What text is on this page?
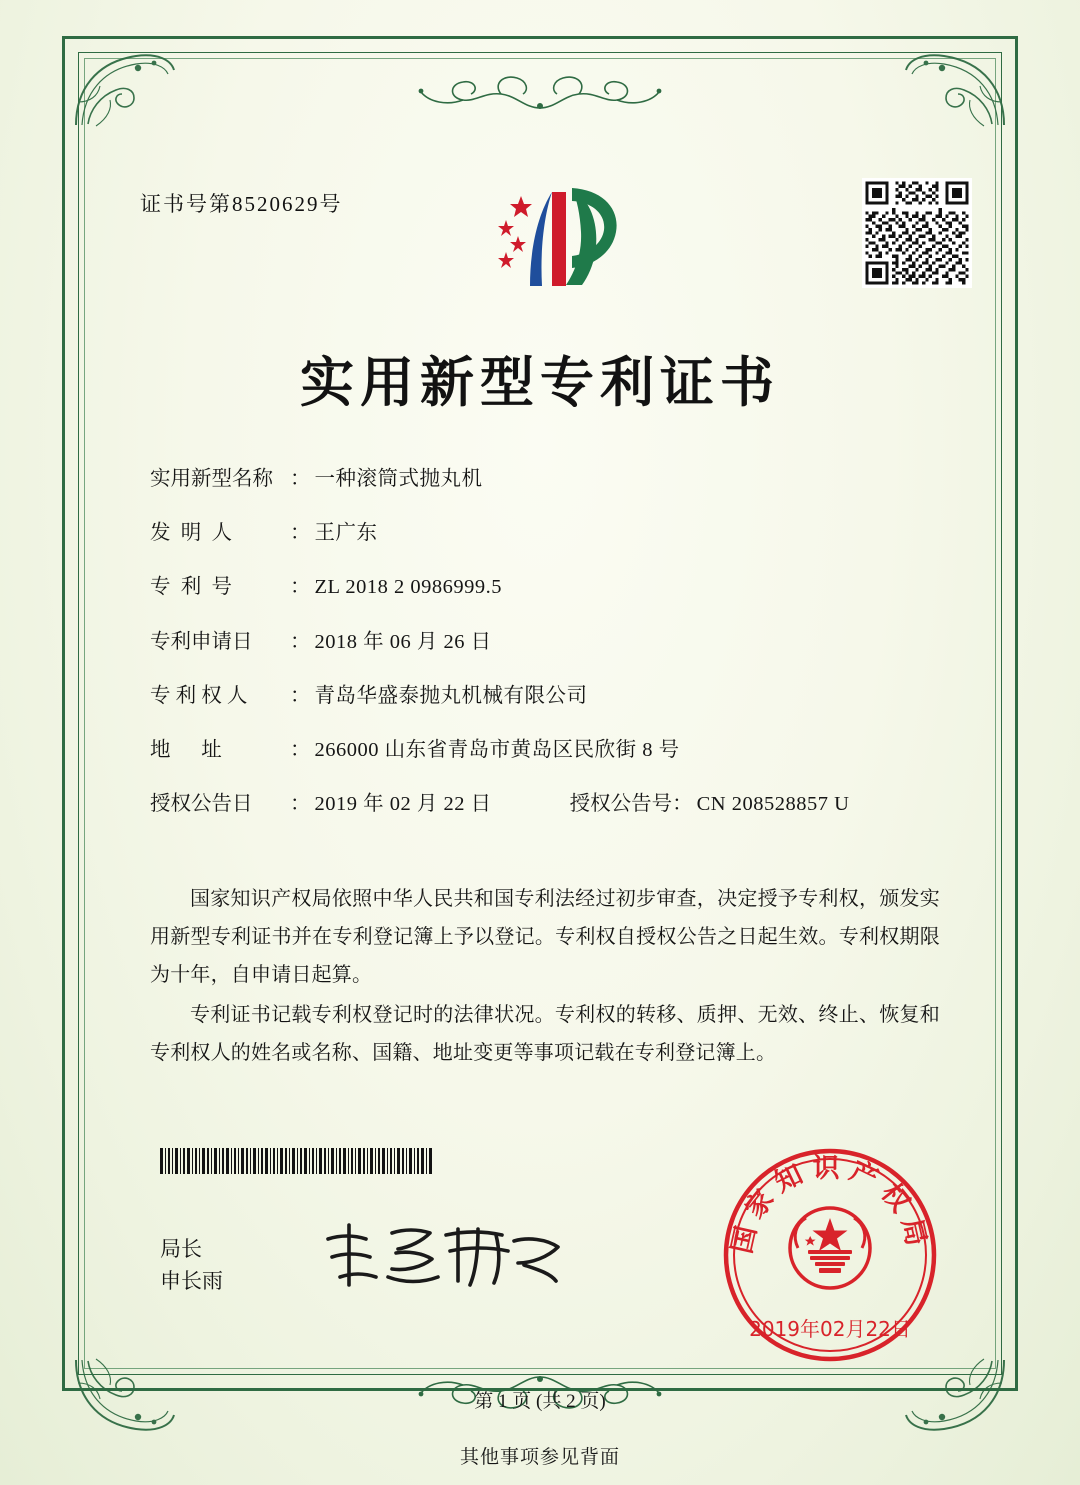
证书号第8520629号
实用新型专利证书
实用新型名称 ： 一种滚筒式抛丸机
发  明  人	： 王广东
专  利  号	： ZL 2018 2 0986999.5
专利申请日	： 2018 年 06 月 26 日
专 利 权 人	： 青岛华盛泰抛丸机械有限公司
地      址	： 266000 山东省青岛市黄岛区民欣街 8 号
授权公告日	： 2019 年 02 月 22 日	授权公告号 ： CN 208528857 U

国家知识产权局依照中华人民共和国专利法经过初步审查，决定授予专利权，颁发实用新型专利证书并在专利登记簿上予以登记。专利权自授权公告之日起生效。专利权期限为十年，自申请日起算。

专利证书记载专利权登记时的法律状况。专利权的转移、质押、无效、终止、恢复和专利权人的姓名或名称、国籍、地址变更等事项记载在专利登记簿上。

局长
申长雨
国家知识产权局
2019年02月22日
第 1 页 (共 2 页)
其他事项参见背面
